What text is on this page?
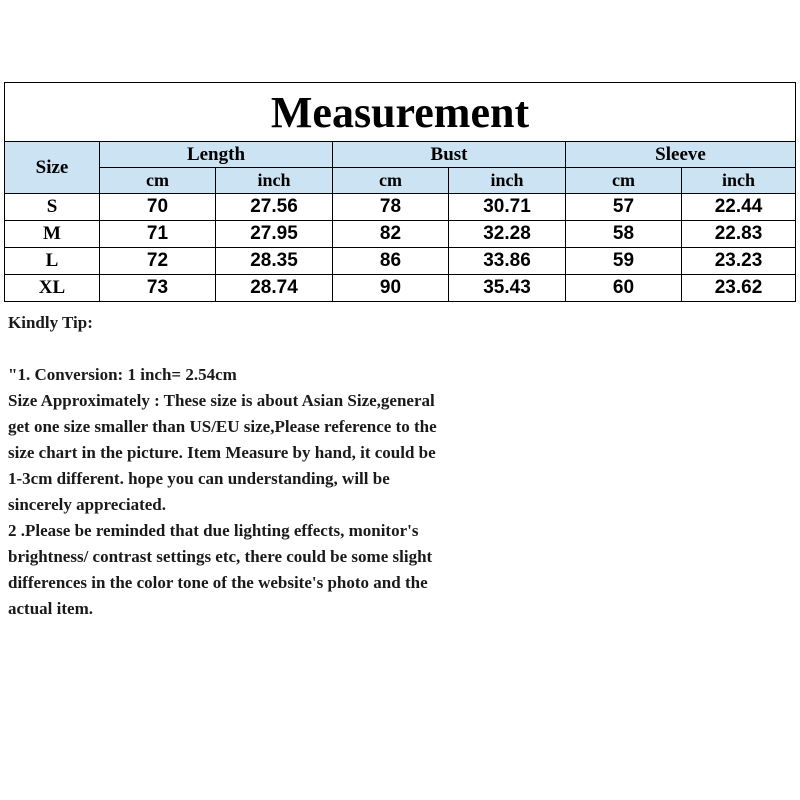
Measurement						
Size	Length		Bust		Sleeve	
	cm	inch	cm	inch	cm	inch
S	70	27.56	78	30.71	57	22.44
M	71	27.95	82	32.28	58	22.83
L	72	28.35	86	33.86	59	23.23
XL	73	28.74	90	35.43	60	23.62

Kindly Tip:

"1. Conversion: 1 inch= 2.54cm

Size Approximately : These size is about Asian Size,general

get one size smaller than US/EU size,Please reference to the

size chart in the picture. Item Measure by hand, it could be

1-3cm different. hope you can understanding, will be

sincerely appreciated.

2 .Please be reminded that due lighting effects, monitor's

brightness/ contrast settings etc, there could be some slight

differences in the color tone of the website's photo and the

actual item.
